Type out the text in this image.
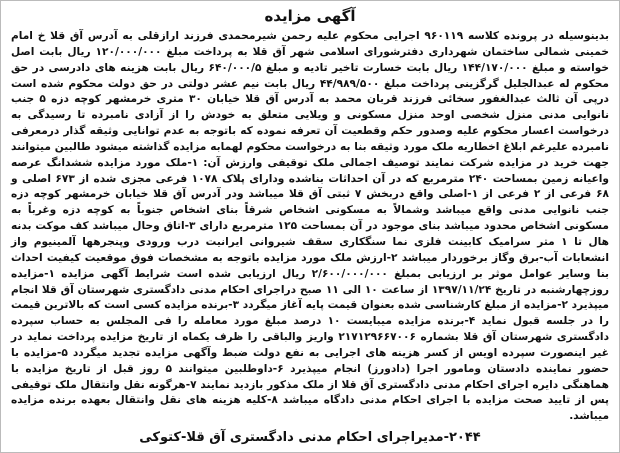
آگهی مزایده

بدینوسیله در پرونده کلاسه ۹۶۰۱۱۹ اجرایی محکوم علیه رحمن شیرمحمدی فرزند ارازقلی به آدرس آق قلا خ امام خمینی شمالی ساختمان شهرداری دفترشورای اسلامی شهر آق قلا به پرداخت مبلغ ۱۲۰/۰۰۰/۰۰۰ ریال بابت اصل خواسته و مبلغ ۱۴۴/۱۷۰/۰۰۰ ریال بابت خسارت تاخیر تادیه و مبلغ ۶۴۰/۰۰۰/۵ ریال بابت هزینه های دادرسی در حق محکوم له عبدالجلیل گرگزینی پرداخت مبلغ ۴۴/۹۸۹/۵۰۰ ریال بابت نیم عشر دولتی در حق دولت محکوم شده است درپی آن ثالث عبدالغفور سخائی فرزند قربان محمد به آدرس آق قلا خیابان ۳۰ متری خرمشهر کوچه دزه ۵ جنب نانوایی مدنی منزل شخصی اوحد منزل مسکونی و ویلایی متعلق به خودش را از آزادی نامبرده تا رسیدگی به درخواست اعسار محکوم علیه وصدور حکم وقطعیت آن تعرفه نموده که باتوجه به عدم توانایی وثیقه گذار درمعرفی نامبرده علیرغم ابلاغ اخطاریه ملک مورد وثیقه بنا به درخواست محکوم لهمابه مزایده گذاشته میشود طالبین میتوانند جهت خرید در مزایده شرکت نمایند توصیف اجمالی ملک توقیفی وارزش آن: ۱-ملک مورد مزایده ششدانگ عرصه واعیانه زمین بمساحت ۲۴۰ مترمربع که در آن احداثات بناشده ودارای پلاک ۱۰۷۸ فرعی مجزی شده از ۶۷۳ اصلی و ۶۸ فرعی از ۲ فرعی از ۱-اصلی واقع دربخش ۷ ثبتی آق قلا میباشد ودر آدرس آق قلا خیابان خرمشهر کوچه دزه جنب نانوایی مدنی واقع میباشد وشمالاً به مسکونی اشخاص شرقاً بنای اشخاص جنوباً به کوچه دزه وغرباً به مسکونی اشخاص محدود میباشد بنای موجود در آن بمساحت ۱۲۵ مترمربع دارای ۳-اتاق وحال میباشد کف موکت بدنه هال تا ۱ متر سرامیک کابینت فلزی نما سنگکاری سقف شیروانی ایرانیت درب ورودی وپنجرهها آلمینیوم واز انشعابات آب-برق وگاز برخوردار میباشد ۲-ارزش ملک مورد مزایده باتوجه به مشخصات فوق موقعیت کیفیت احداث بنا وسایر عوامل موثر بر ارزیابی بمبلغ ۲/۶۰۰/۰۰۰/۰۰۰ ریال ارزیابی شده است شرایط آگهی مزایده ۱-مزایده روزچهارشنبه در تاریخ ۱۳۹۷/۱۱/۲۴ از ساعت ۱۰ الی ۱۱ صبح دراجرای احکام مدنی دادگستری شهرستان آق قلا انجام میپذیرد ۲-مزایده از مبلغ کارشناسی شده بعنوان قیمت پایه آغاز میگردد ۳-برنده مزایده کسی است که بالاترین قیمت را در جلسه قبول نماید ۴-برنده مزایده میبایست ۱۰ درصد مبلغ مورد معامله را فی المجلس به حساب سپرده دادگستری شهرستان آق قلا بشماره ۲۱۷۱۲۹۶۶۷۰۰۶ واریز والباقی را ظرف یکماه از تاریخ مزایده پرداخت نماید در غیر اینصورت سپرده اویس از کسر هزینه های اجرایی به نفع دولت ضبط وآگهی مزایده تجدید میگردد ۵-مزایده با حضور نماینده دادستان ومامور اجرا (دادورز) انجام میپذیرد ۶-داوطلبین میتوانند ۵ روز قبل از تاریخ مزایده با هماهنگی دایره اجرای احکام مدنی دادگستری آق قلا از ملک مذکور بازدید نمایند ۷-هرگونه نقل وانتقال ملک توقیفی پس از تایید صحت مزایده با اجرای احکام مدنی دادگاه میباشد ۸-کلیه هزینه های نقل وانتقال بعهده برنده مزایده میباشد.

۲۰۴۴-مدیراجرای احکام مدنی دادگستری آق قلا-کتوکی
